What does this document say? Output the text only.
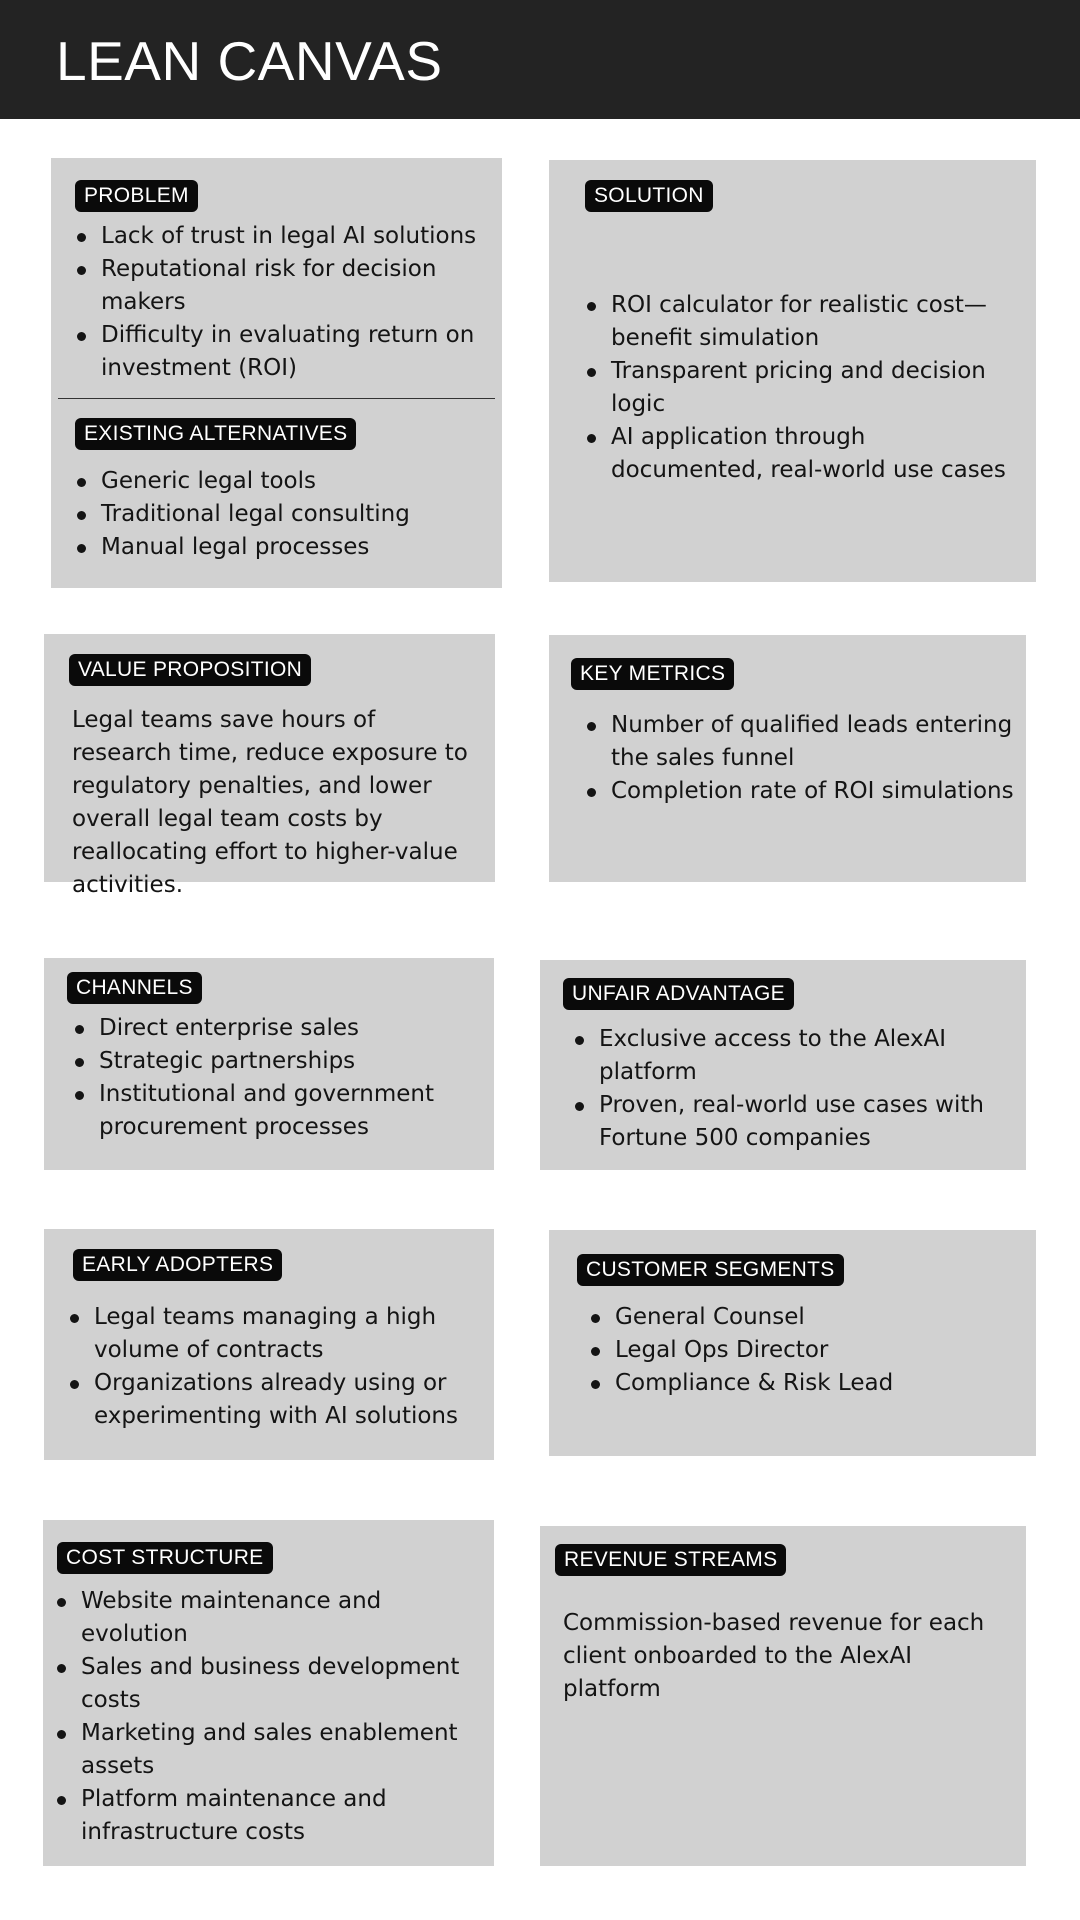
LEAN CANVAS
PROBLEM
Lack of trust in legal AI solutions
Reputational risk for decision makers
Difficulty in evaluating return on investment (ROI)
EXISTING ALTERNATIVES
Generic legal tools
Traditional legal consulting
Manual legal processes
SOLUTION
ROI calculator for realistic cost—benefit simulation
Transparent pricing and decision logic
AI application through documented, real-world use cases
VALUE PROPOSITION
Legal teams save hours of research time, reduce exposure to regulatory penalties, and lower overall legal team costs by reallocating effort to higher-value activities.
KEY METRICS
Number of qualified leads entering the sales funnel
Completion rate of ROI simulations
CHANNELS
Direct enterprise sales
Strategic partnerships
Institutional and government procurement processes
UNFAIR ADVANTAGE
Exclusive access to the AlexAI platform
Proven, real-world use cases with Fortune 500 companies
EARLY ADOPTERS
Legal teams managing a high volume of contracts
Organizations already using or experimenting with AI solutions
CUSTOMER SEGMENTS
General Counsel
Legal Ops Director
Compliance & Risk Lead
COST STRUCTURE
Website maintenance and evolution
Sales and business development costs
Marketing and sales enablement assets
Platform maintenance and infrastructure costs
REVENUE STREAMS
Commission-based revenue for each client onboarded to the AlexAI platform
